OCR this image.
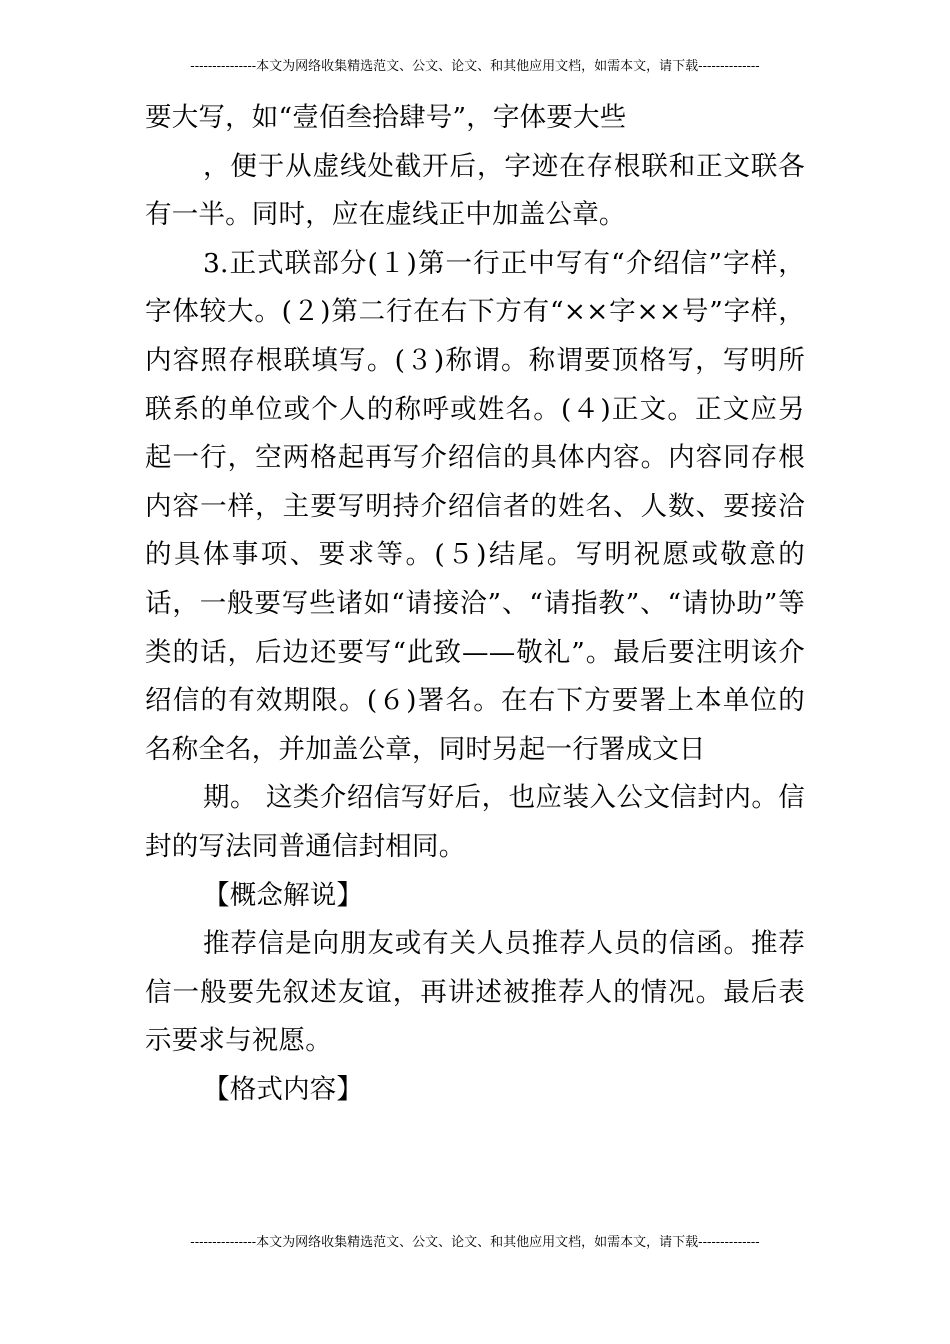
---------------本文为网络收集精选范文、公文、论文、和其他应用文档，如需本文，请下载--------------

要大写，如“壹佰叁拾肆号”，字体要大些

，便于从虚线处截开后，字迹在存根联和正文联各有一半。同时，应在虚线正中加盖公章。

3.正式联部分(１)第一行正中写有“介绍信”字样，字体较大。(２)第二行在右下方有“××字××号”字样，内容照存根联填写。(３)称谓。称谓要顶格写，写明所联系的单位或个人的称呼或姓名。(４)正文。正文应另起一行，空两格起再写介绍信的具体内容。内容同存根内容一样，主要写明持介绍信者的姓名、人数、要接洽的具体事项、要求等。(５)结尾。写明祝愿或敬意的话，一般要写些诸如“请接洽”、“请指教”、“请协助”等类的话，后边还要写“此致——敬礼”。最后要注明该介绍信的有效期限。(６)署名。在右下方要署上本单位的名称全名，并加盖公章，同时另起一行署成文日

期。 这类介绍信写好后，也应装入公文信封内。信封的写法同普通信封相同。

【概念解说】

推荐信是向朋友或有关人员推荐人员的信函。推荐信一般要先叙述友谊，再讲述被推荐人的情况。最后表示要求与祝愿。

【格式内容】

---------------本文为网络收集精选范文、公文、论文、和其他应用文档，如需本文，请下载--------------
